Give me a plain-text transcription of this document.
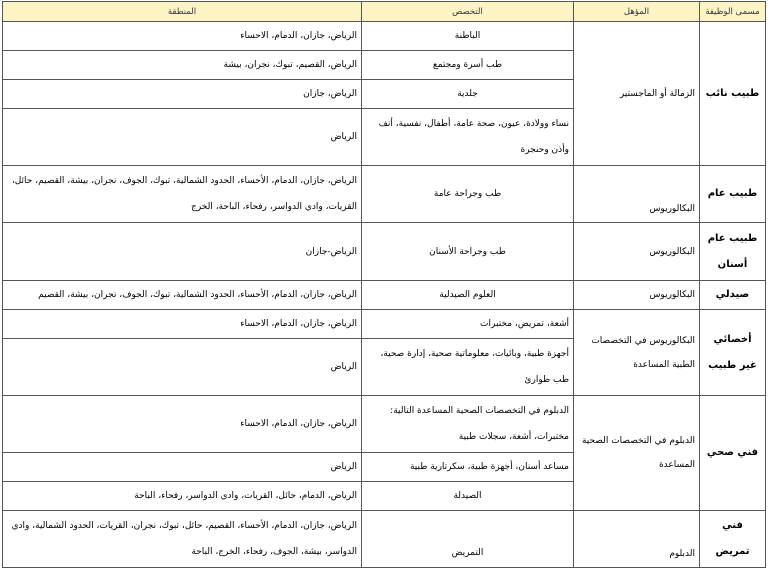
مسمى الوظيفة	المؤهل	التخصص	المنطقة
طبيب نائب	الزمالة أو الماجستير	الباطنة	الرياض، جازان، الدمام، الاحساء
		طب أسرة ومجتمع	الرياض، القصيم، تبوك، نجران، بيشة
		جلدية	الرياض، جازان
		نساء وولادة، عيون، صحة عامة، أطفال، نفسية، أنف وأذن وحنجرة	الرياض
طبيب عام	البكالوريوس	طب وجراحة عامة	الرياض، جازان، الدمام، الأحساء، الحدود الشمالية، تبوك، الجوف، نجران، بيشة، القصيم، حائل، القريات، وادي الدواسر، رفحاء، الباحة، الخرج
طبيب عام أسنان	البكالوريوس	طب وجراحة الأسنان	الرياض-جازان
صيدلي	البكالوريوس	العلوم الصيدلية	الرياض، جازان، الدمام، الأحساء، الحدود الشمالية، تبوك، الجوف، نجران، بيشة، القصيم
أخصائي غير طبيب	البكالوريوس في التخصصات الطبية المساعدة	أشعة، تمريض، مختبرات	الرياض، جازان، الدمام، الاحساء
		أجهزة طبية، وبائيات، معلوماتية صحية، إدارة صحية، طب طوارئ	الرياض
فني صحي	الدبلوم في التخصصات الصحية المساعدة	الدبلوم في التخصصات الصحية المساعدة التالية: مختبرات، أشعة، سجلات طبية	الرياض، جازان، الدمام، الاحساء
		مساعد أسنان، أجهزة طبية، سكرتارية طبية	الرياض
		الصيدلة	الرياض، الدمام، حائل، القريات، وادي الدواسر، رفحاء، الباحة
فني تمريض	الدبلوم	التمريض	الرياض، جازان، الدمام، الأحساء، القصيم، حائل، تبوك، نجران، القريات، الحدود الشمالية، وادي الدواسر، بيشة، الجوف، رفحاء، الخرج، الباحة
